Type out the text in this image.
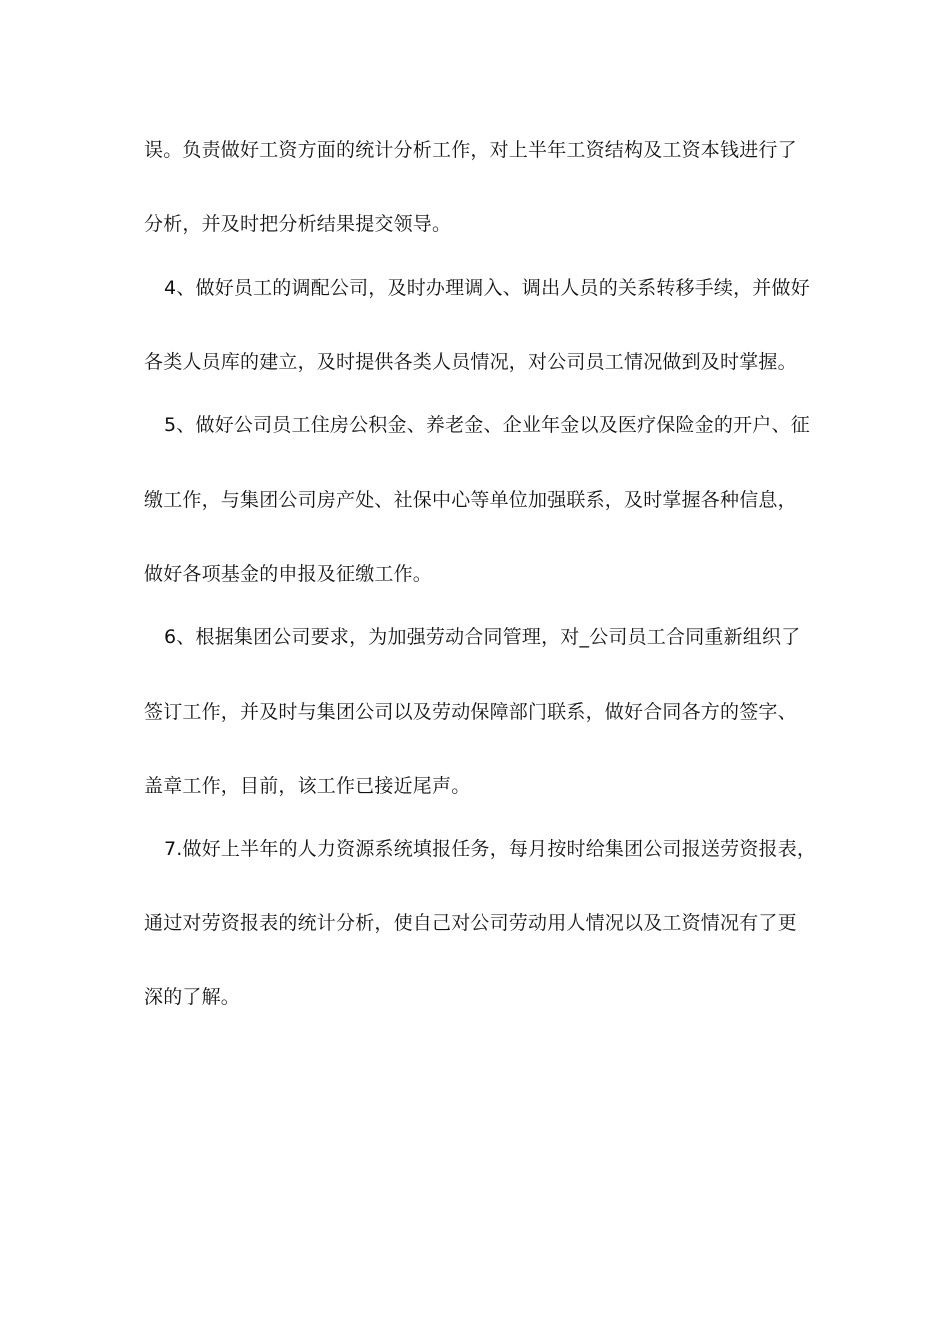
误。负责做好工资方面的统计分析工作，对上半年工资结构及工资本钱进行了
分析，并及时把分析结果提交领导。
4、做好员工的调配公司，及时办理调入、调出人员的关系转移手续，并做好
各类人员库的建立，及时提供各类人员情况，对公司员工情况做到及时掌握。
5、做好公司员工住房公积金、养老金、企业年金以及医疗保险金的开户、征
缴工作，与集团公司房产处、社保中心等单位加强联系，及时掌握各种信息，
做好各项基金的申报及征缴工作。
6、根据集团公司要求，为加强劳动合同管理，对_公司员工合同重新组织了
签订工作，并及时与集团公司以及劳动保障部门联系，做好合同各方的签字、
盖章工作，目前，该工作已接近尾声。
7.做好上半年的人力资源系统填报任务，每月按时给集团公司报送劳资报表，
通过对劳资报表的统计分析，使自己对公司劳动用人情况以及工资情况有了更
深的了解。
